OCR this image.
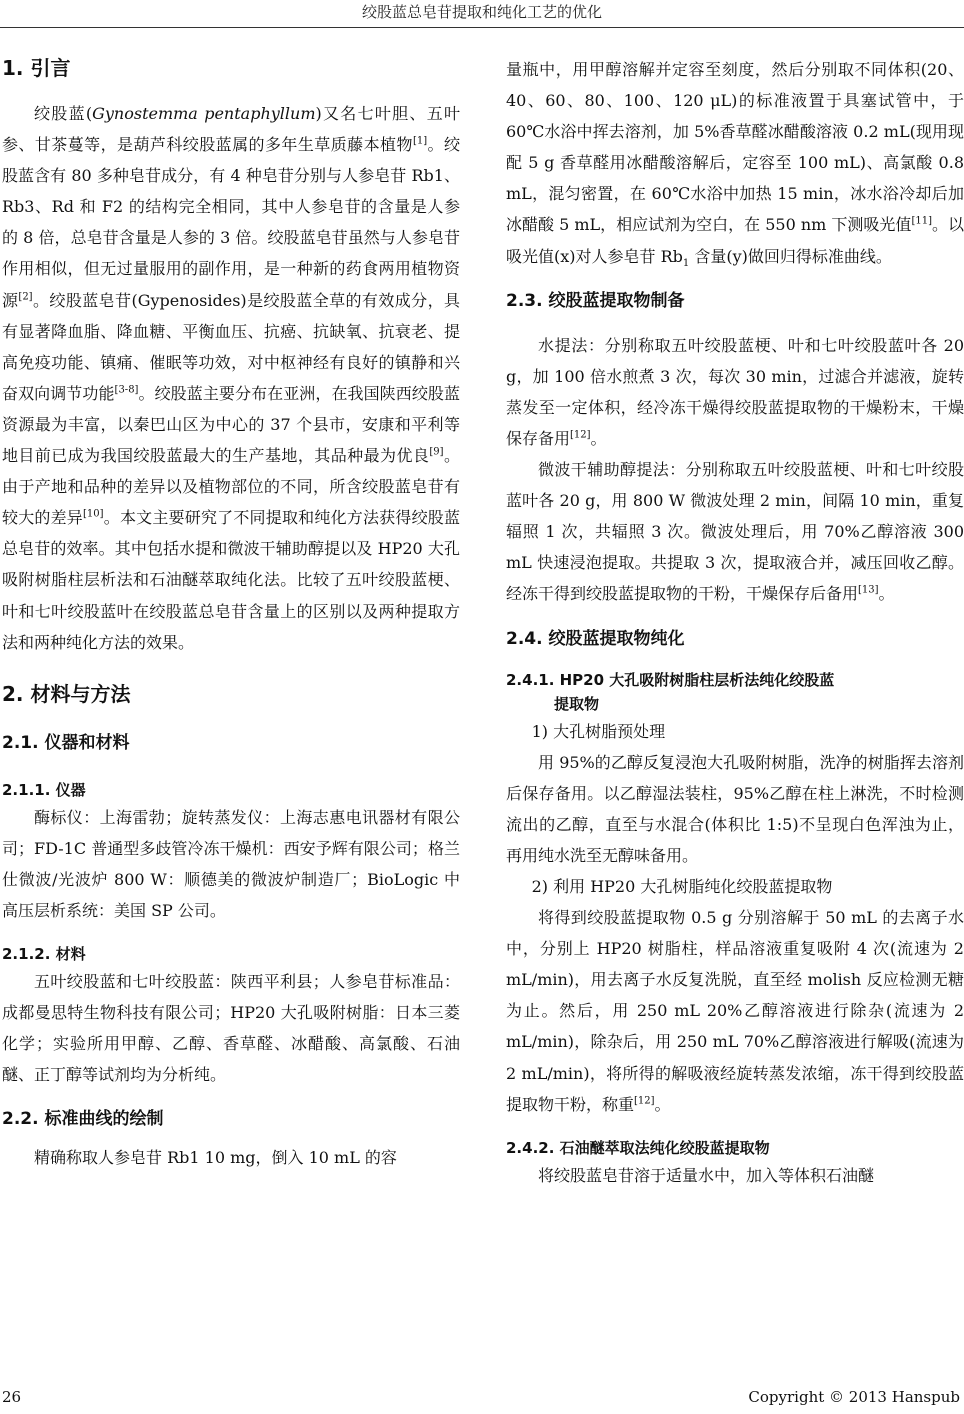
绞股蓝总皂苷提取和纯化工艺的优化
1. 引言

绞股蓝(Gynostemma pentaphyllum)又名七叶胆、五叶参、甘茶蔓等，是葫芦科绞股蓝属的多年生草质藤本植物[1]。绞股蓝含有 80 多种皂苷成分，有 4 种皂苷分别与人参皂苷 Rb1、Rb3、Rd 和 F2 的结构完全相同，其中人参皂苷的含量是人参的 8 倍，总皂苷含量是人参的 3 倍。绞股蓝皂苷虽然与人参皂苷作用相似，但无过量服用的副作用，是一种新的药食两用植物资源[2]。绞股蓝皂苷(Gypenosides)是绞股蓝全草的有效成分，具有显著降血脂、降血糖、平衡血压、抗癌、抗缺氧、抗衰老、提高免疫功能、镇痛、催眠等功效，对中枢神经有良好的镇静和兴奋双向调节功能[3-8]。绞股蓝主要分布在亚洲，在我国陕西绞股蓝资源最为丰富，以秦巴山区为中心的 37 个县市，安康和平利等地目前已成为我国绞股蓝最大的生产基地，其品种最为优良[9]。由于产地和品种的差异以及植物部位的不同，所含绞股蓝皂苷有较大的差异[10]。本文主要研究了不同提取和纯化方法获得绞股蓝总皂苷的效率。其中包括水提和微波干辅助醇提以及 HP20 大孔吸附树脂柱层析法和石油醚萃取纯化法。比较了五叶绞股蓝梗、叶和七叶绞股蓝叶在绞股蓝总皂苷含量上的区别以及两种提取方法和两种纯化方法的效果。

2. 材料与方法
2.1. 仪器和材料
2.1.1. 仪器

酶标仪：上海雷勃；旋转蒸发仪：上海志惠电讯器材有限公司；FD-1C 普通型多歧管冷冻干燥机：西安予辉有限公司；格兰仕微波/光波炉 800 W：顺德美的微波炉制造厂；BioLogic 中高压层析系统：美国 SP 公司。

2.1.2. 材料

五叶绞股蓝和七叶绞股蓝：陕西平利县；人参皂苷标准品：成都曼思特生物科技有限公司；HP20 大孔吸附树脂：日本三菱化学；实验所用甲醇、乙醇、香草醛、冰醋酸、高氯酸、石油醚、正丁醇等试剂均为分析纯。

2.2. 标准曲线的绘制

精确称取人参皂苷 Rb1 10 mg，倒入 10 mL 的容

量瓶中，用甲醇溶解并定容至刻度，然后分别取不同体积(20、40、60、80、100、120 μL)的标准液置于具塞试管中，于 60℃水浴中挥去溶剂，加 5%香草醛冰醋酸溶液 0.2 mL(现用现配 5 g 香草醛用冰醋酸溶解后，定容至 100 mL)、高氯酸 0.8 mL，混匀密置，在 60℃水浴中加热 15 min，冰水浴冷却后加冰醋酸 5 mL，相应试剂为空白，在 550 nm 下测吸光值[11]。以吸光值(x)对人参皂苷 $Rb_1$ 含量(y)做回归得标准曲线。

2.3. 绞股蓝提取物制备

水提法：分别称取五叶绞股蓝梗、叶和七叶绞股蓝叶各 20 g，加 100 倍水煎煮 3 次，每次 30 min，过滤合并滤液，旋转蒸发至一定体积，经冷冻干燥得绞股蓝提取物的干燥粉末，干燥保存备用[12]。

微波干辅助醇提法：分别称取五叶绞股蓝梗、叶和七叶绞股蓝叶各 20 g，用 800 W 微波处理 2 min，间隔 10 min，重复辐照 1 次，共辐照 3 次。微波处理后，用 70%乙醇溶液 300 mL 快速浸泡提取。共提取 3 次，提取液合并，减压回收乙醇。经冻干得到绞股蓝提取物的干粉，干燥保存后备用[13]。

2.4. 绞股蓝提取物纯化
2.4.1. HP20 大孔吸附树脂柱层析法纯化绞股蓝
提取物

1) 大孔树脂预处理

用 95%的乙醇反复浸泡大孔吸附树脂，洗净的树脂挥去溶剂后保存备用。以乙醇湿法装柱，95%乙醇在柱上淋洗，不时检测流出的乙醇，直至与水混合(体积比 1:5)不呈现白色浑浊为止，再用纯水洗至无醇味备用。

2) 利用 HP20 大孔树脂纯化绞股蓝提取物

将得到绞股蓝提取物 0.5 g 分别溶解于 50 mL 的去离子水中，分别上 HP20 树脂柱，样品溶液重复吸附 4 次(流速为 2 mL/min)，用去离子水反复洗脱，直至经 molish 反应检测无糖为止。然后，用 250 mL 20%乙醇溶液进行除杂(流速为 2 mL/min)，除杂后，用 250 mL 70%乙醇溶液进行解吸(流速为 2 mL/min)，将所得的解吸液经旋转蒸发浓缩，冻干得到绞股蓝提取物干粉，称重[12]。

2.4.2. 石油醚萃取法纯化绞股蓝提取物

将绞股蓝皂苷溶于适量水中，加入等体积石油醚

26	Copyright © 2013 Hanspub
